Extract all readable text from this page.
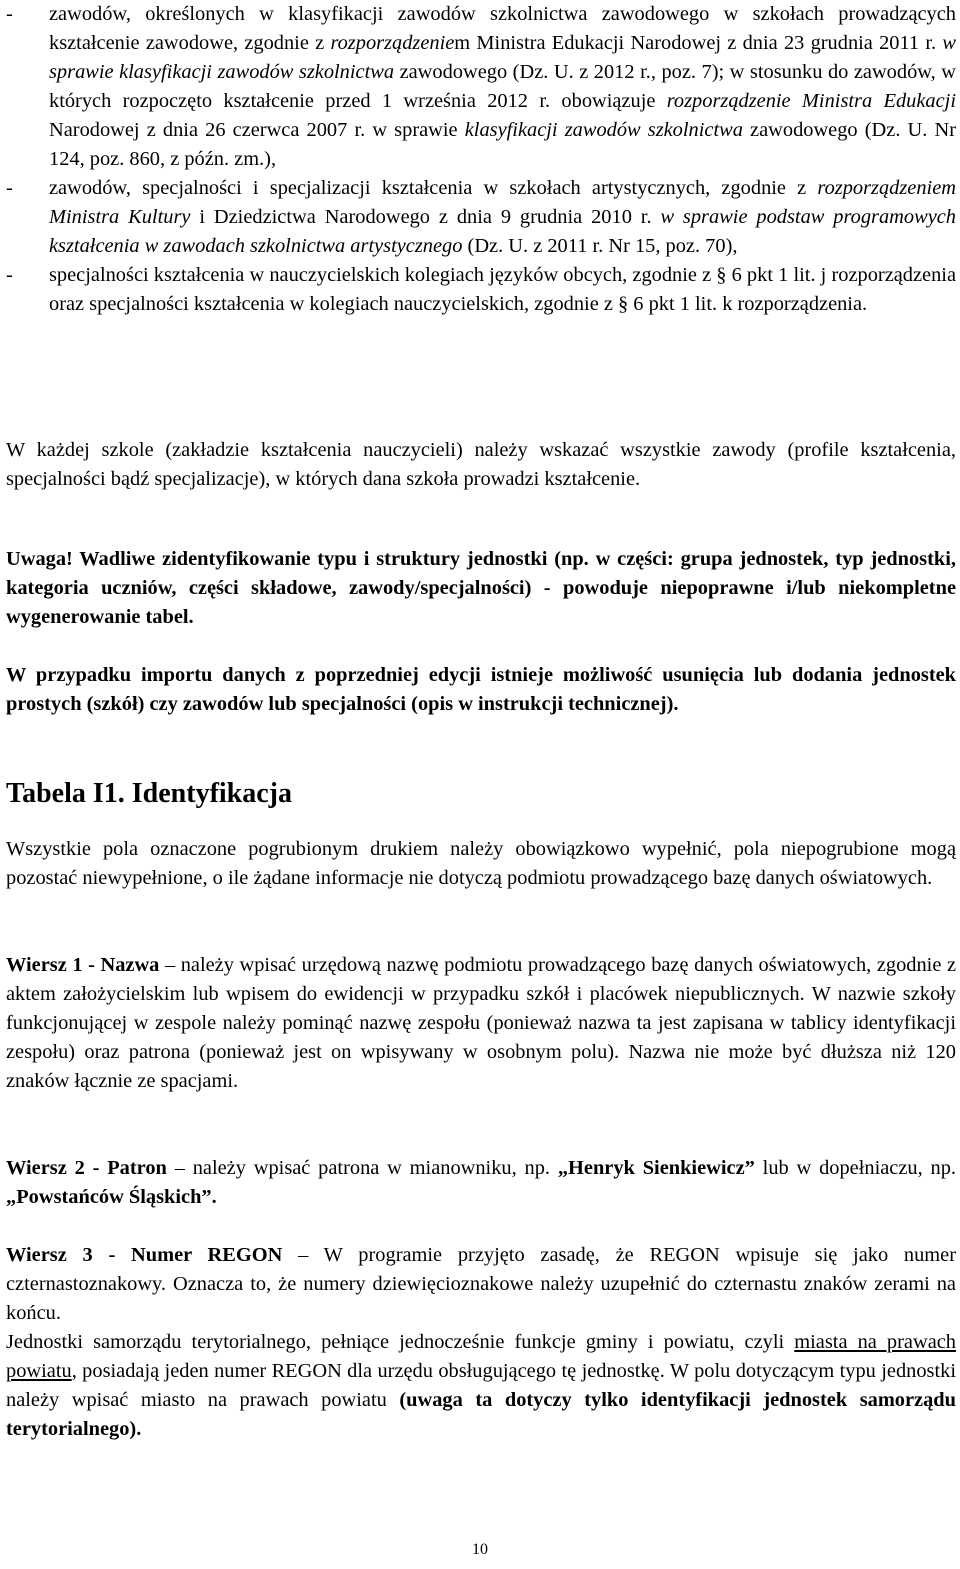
- zawodów, określonych w klasyfikacji zawodów szkolnictwa zawodowego w szkołach prowadzących kształcenie zawodowe, zgodnie z rozporządzeniem Ministra Edukacji Narodowej z dnia 23 grudnia 2011 r. w sprawie klasyfikacji zawodów szkolnictwa zawodowego (Dz. U. z 2012 r., poz. 7); w stosunku do zawodów, w których rozpoczęto kształcenie przed 1 września 2012 r. obowiązuje rozporządzenie Ministra Edukacji Narodowej z dnia 26 czerwca 2007 r. w sprawie klasyfikacji zawodów szkolnictwa zawodowego (Dz. U. Nr 124, poz. 860, z późn. zm.),
- zawodów, specjalności i specjalizacji kształcenia w szkołach artystycznych, zgodnie z rozporządzeniem Ministra Kultury i Dziedzictwa Narodowego z dnia 9 grudnia 2010 r. w sprawie podstaw programowych kształcenia w zawodach szkolnictwa artystycznego (Dz. U. z 2011 r. Nr 15, poz. 70),
- specjalności kształcenia w nauczycielskich kolegiach języków obcych, zgodnie z § 6 pkt 1 lit. j rozporządzenia oraz specjalności kształcenia w kolegiach nauczycielskich, zgodnie z § 6 pkt 1 lit. k rozporządzenia.

W każdej szkole (zakładzie kształcenia nauczycieli) należy wskazać wszystkie zawody (profile kształcenia, specjalności bądź specjalizacje), w których dana szkoła prowadzi kształcenie.

Uwaga! Wadliwe zidentyfikowanie typu i struktury jednostki (np. w części: grupa jednostek, typ jednostki, kategoria uczniów, części składowe, zawody/specjalności) - powoduje niepoprawne i/lub niekompletne wygenerowanie tabel.

W przypadku importu danych z poprzedniej edycji istnieje możliwość usunięcia lub dodania jednostek prostych (szkół) czy zawodów lub specjalności (opis w instrukcji technicznej).

Wszystkie pola oznaczone pogrubionym drukiem należy obowiązkowo wypełnić, pola niepogrubione mogą pozostać niewypełnione, o ile żądane informacje nie dotyczą podmiotu prowadzącego bazę danych oświatowych.

Wiersz 1 - Nazwa – należy wpisać urzędową nazwę podmiotu prowadzącego bazę danych oświatowych, zgodnie z aktem założycielskim lub wpisem do ewidencji w przypadku szkół i placówek niepublicznych. W nazwie szkoły funkcjonującej w zespole należy pominąć nazwę zespołu (ponieważ nazwa ta jest zapisana w tablicy identyfikacji zespołu) oraz patrona (ponieważ jest on wpisywany w osobnym polu). Nazwa nie może być dłuższa niż 120 znaków łącznie ze spacjami.

Wiersz 2 - Patron – należy wpisać patrona w mianowniku, np. „Henryk Sienkiewicz” lub w dopełniaczu, np. „Powstańców Śląskich”.

Wiersz 3 - Numer REGON – W programie przyjęto zasadę, że REGON wpisuje się jako numer czternastoznakowy. Oznacza to, że numery dziewięcioznakowe należy uzupełnić do czternastu znaków zerami na końcu.

Jednostki samorządu terytorialnego, pełniące jednocześnie funkcje gminy i powiatu, czyli miasta na prawach powiatu, posiadają jeden numer REGON dla urzędu obsługującego tę jednostkę. W polu dotyczącym typu jednostki należy wpisać miasto na prawach powiatu (uwaga ta dotyczy tylko identyfikacji jednostek samorządu terytorialnego).

Tabela I1. Identyfikacja
10
